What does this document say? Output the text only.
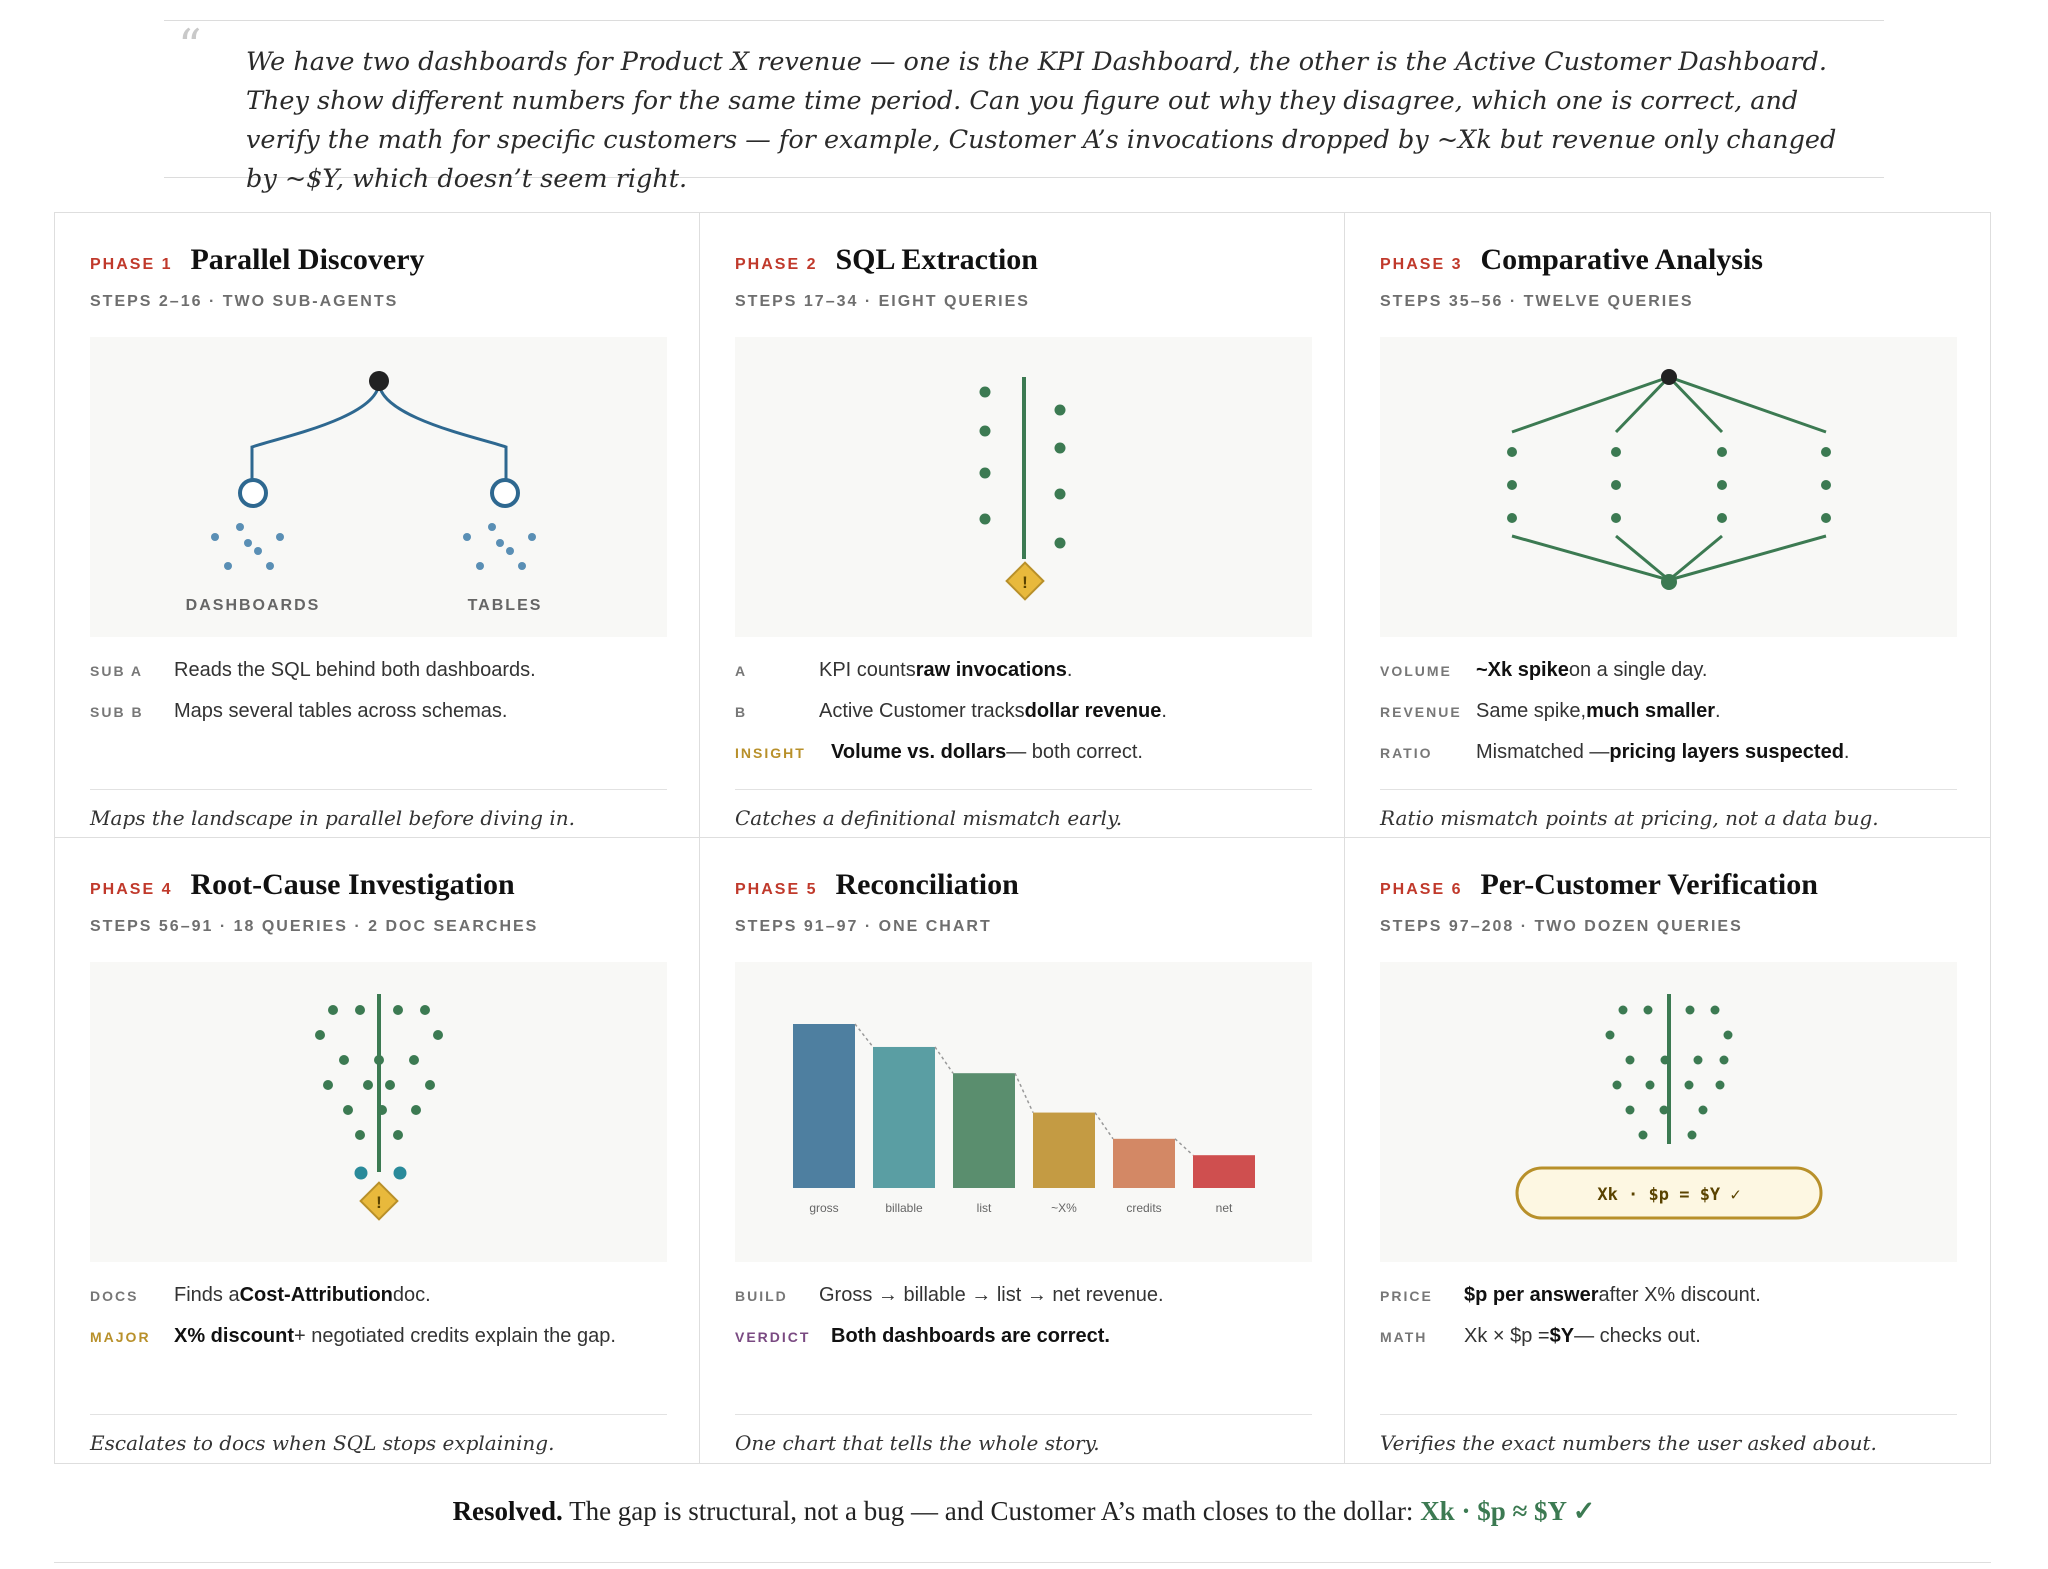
“ We have two dashboards for Product X revenue — one is the KPI Dashboard, the other is the Active Customer Dashboard. They show different numbers for the same time period. Can you figure out why they disagree, which one is correct, and verify the math for specific customers — for example, Customer A’s invocations dropped by ~Xk but revenue only changed by ~$Y, which doesn’t seem right.
PHASE 1 Parallel Discovery
STEPS 2–16 · TWO SUB-AGENTS
DASHBOARDS	TABLES
SUB A	Reads the SQL behind both dashboards.
SUB B	Maps several tables across schemas.
Maps the landscape in parallel before diving in.
PHASE 2 SQL Extraction
STEPS 17–34 · EIGHT QUERIES
!
A	KPI counts raw invocations .
B	Active Customer tracks dollar revenue .
INSIGHT	Volume vs. dollars — both correct.
Catches a definitional mismatch early.
PHASE 3 Comparative Analysis
STEPS 35–56 · TWELVE QUERIES
VOLUME	~Xk spike on a single day.
REVENUE Same spike, much smaller .
RATIO	Mismatched — pricing layers suspected .
Ratio mismatch points at pricing, not a data bug.
PHASE 4 Root-Cause Investigation
STEPS 56–91 · 18 QUERIES · 2 DOC SEARCHES
!
DOCS	Finds a Cost-Attribution doc.
MAJOR	X% discount + negotiated credits explain the gap.
Escalates to docs when SQL stops explaining.
PHASE 5 Reconciliation
STEPS 91–97 · ONE CHART
gross	billable	list	~X%	credits	net
BUILD	Gross → billable → list → net revenue.
VERDICT	Both dashboards are correct.
One chart that tells the whole story.
PHASE 6 Per-Customer Verification
STEPS 97–208 · TWO DOZEN QUERIES
Xk · $p = $Y ✓
PRICE	$p per answer after X% discount.
MATH	Xk × $p = $Y — checks out.
Verifies the exact numbers the user asked about.
Resolved. The gap is structural, not a bug — and Customer A’s math closes to the dollar: Xk · $p ≈ $Y ✓
